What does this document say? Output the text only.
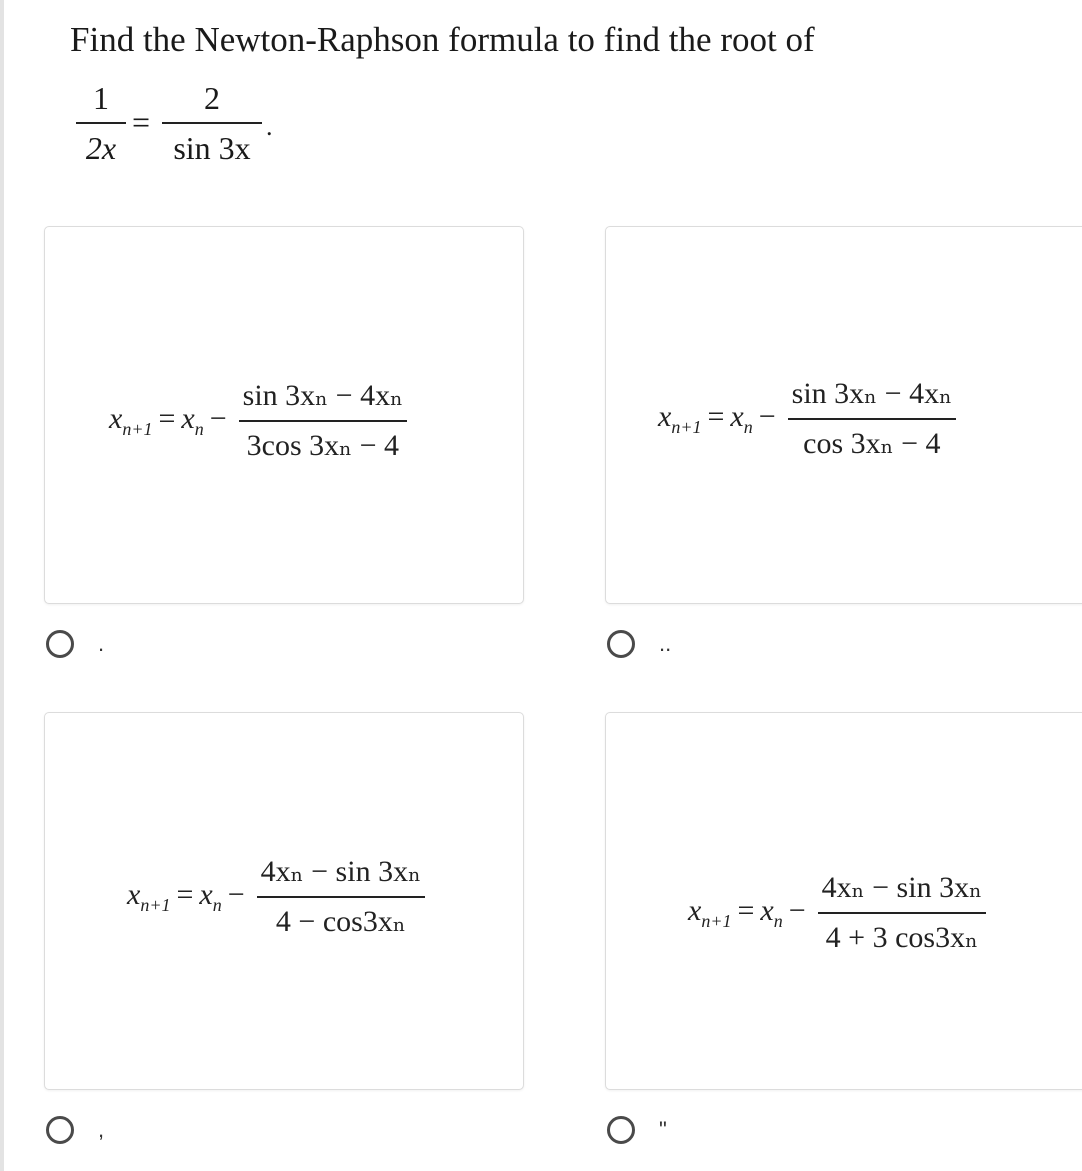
Find the Newton-Raphson formula to find the root of
1
2x
=
2
sin 3x
.
$x_{n+1} = x_n$ −
sin 3xₙ − 4xₙ
3cos 3xₙ − 4
.
$x_{n+1} = x_n$ −
sin 3xₙ − 4xₙ
cos 3xₙ − 4
..
$x_{n+1} = x_n$ −
4xₙ − sin 3xₙ
4 − cos3xₙ
,
$x_{n+1} = x_n$ −
4xₙ − sin 3xₙ
4 + 3 cos3xₙ
"
